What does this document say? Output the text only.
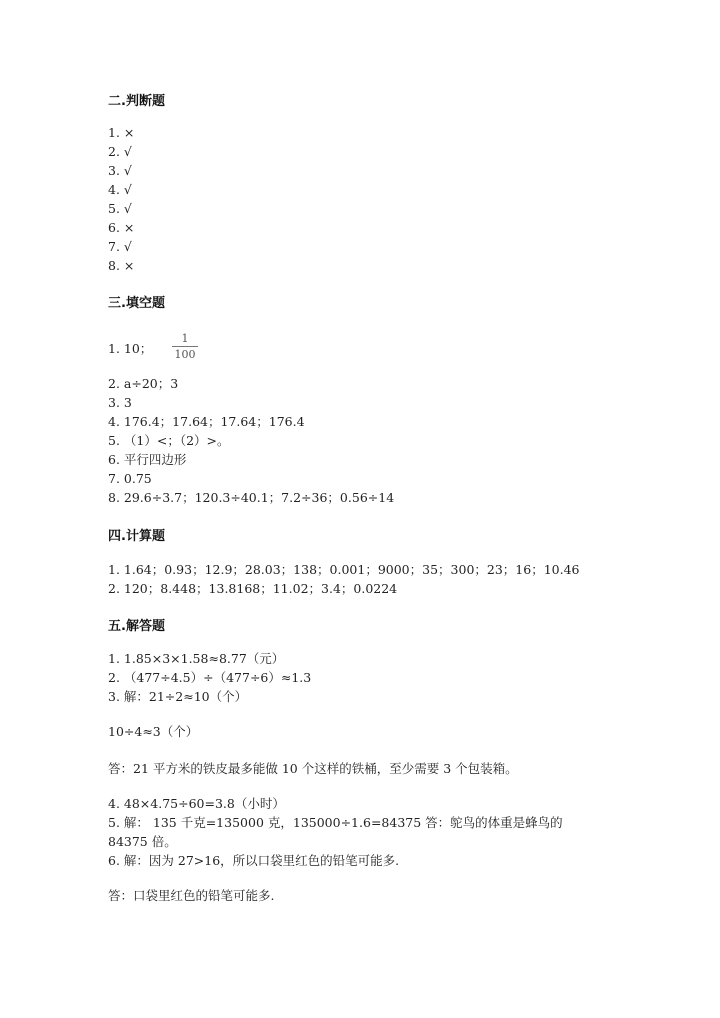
二.判断题
1. ×
2. √
3. √
4. √
5. √
6. ×
7. √
8. ×
三.填空题
1. 10；
1
100
2. a÷20；3
3. 3
4. 176.4；17.64；17.64；176.4
5. （1）<；（2）>。
6. 平行四边形
7. 0.75
8. 29.6÷3.7；120.3÷40.1；7.2÷36；0.56÷14
四.计算题
1. 1.64；0.93；12.9；28.03；138；0.001；9000；35；300；23；16；10.46
2. 120；8.448；13.8168；11.02；3.4；0.0224
五.解答题
1. 1.85×3×1.58≈8.77（元）
2. （477÷4.5）÷（477÷6）≈1.3
3. 解：21÷2≈10（个）
10÷4≈3（个）
答：21 平方米的铁皮最多能做 10 个这样的铁桶，至少需要 3 个包装箱。
4. 48×4.75÷60=3.8（小时）
5. 解： 135 千克=135000 克，135000÷1.6=84375 答：鸵鸟的体重是蜂鸟的
84375 倍。
6. 解：因为 27>16，所以口袋里红色的铅笔可能多.
答：口袋里红色的铅笔可能多.
